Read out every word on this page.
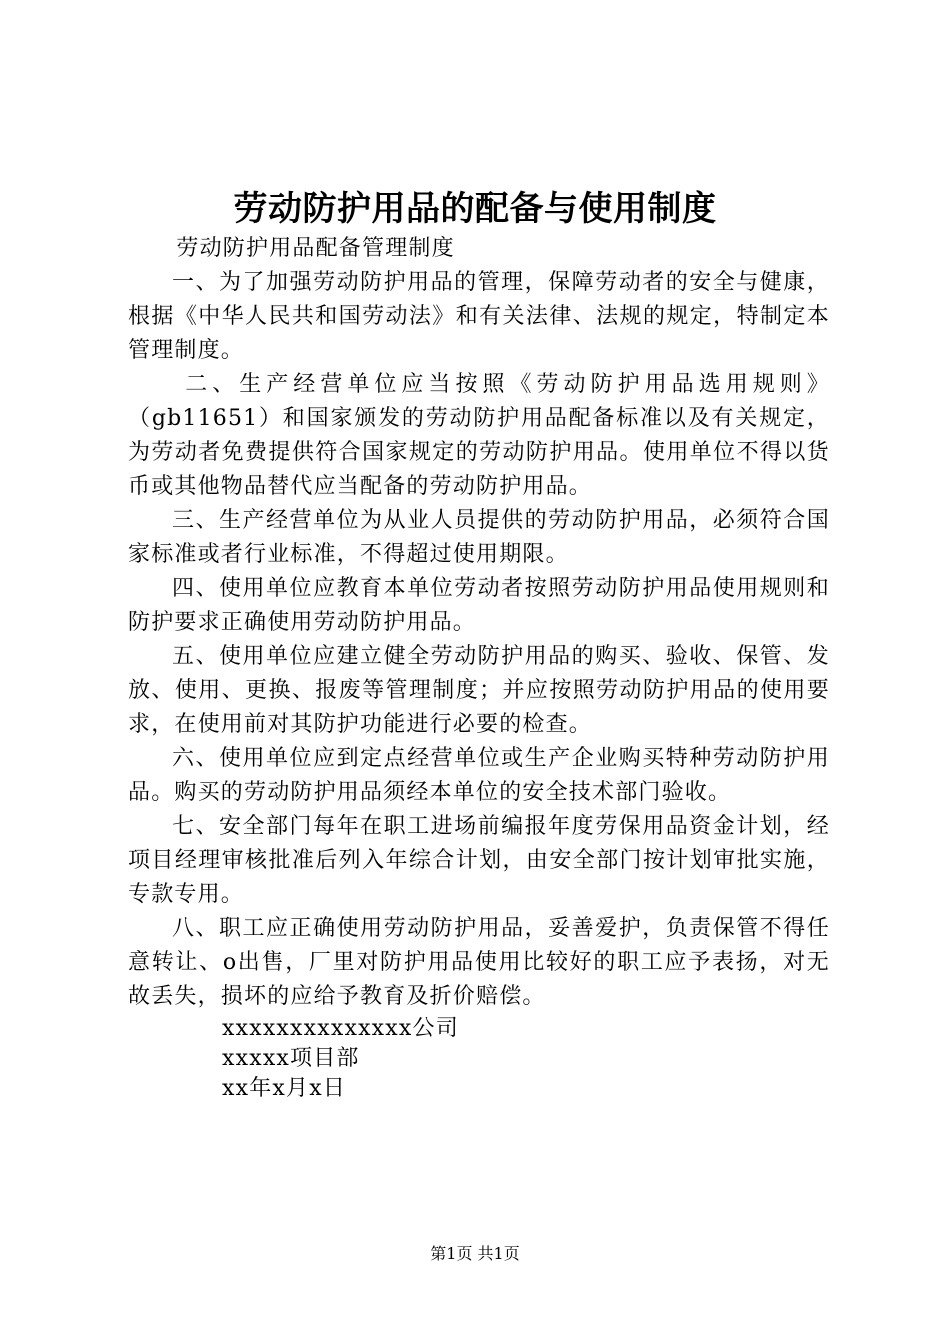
劳动防护用品的配备与使用制度

劳动防护用品配备管理制度

一、为了加强劳动防护用品的管理，保障劳动者的安全与健康，根据《中华人民共和国劳动法》和有关法律、法规的规定，特制定本管理制度。

二、生产经营单位应当按照《劳动防护用品选用规则》（gb11651）和国家颁发的劳动防护用品配备标准以及有关规定，为劳动者免费提供符合国家规定的劳动防护用品。使用单位不得以货币或其他物品替代应当配备的劳动防护用品。

三、生产经营单位为从业人员提供的劳动防护用品，必须符合国家标准或者行业标准，不得超过使用期限。

四、使用单位应教育本单位劳动者按照劳动防护用品使用规则和防护要求正确使用劳动防护用品。

五、使用单位应建立健全劳动防护用品的购买、验收、保管、发放、使用、更换、报废等管理制度；并应按照劳动防护用品的使用要求，在使用前对其防护功能进行必要的检查。

六、使用单位应到定点经营单位或生产企业购买特种劳动防护用品。购买的劳动防护用品须经本单位的安全技术部门验收。

七、安全部门每年在职工进场前编报年度劳保用品资金计划，经项目经理审核批准后列入年综合计划，由安全部门按计划审批实施，专款专用。

八、职工应正确使用劳动防护用品，妥善爱护，负责保管不得任意转让、o出售，厂里对防护用品使用比较好的职工应予表扬，对无故丢失，损坏的应给予教育及折价赔偿。

xxxxxxxxxxxxxx公司

xxxxx项目部

xx年x月x日

第1页 共1页
